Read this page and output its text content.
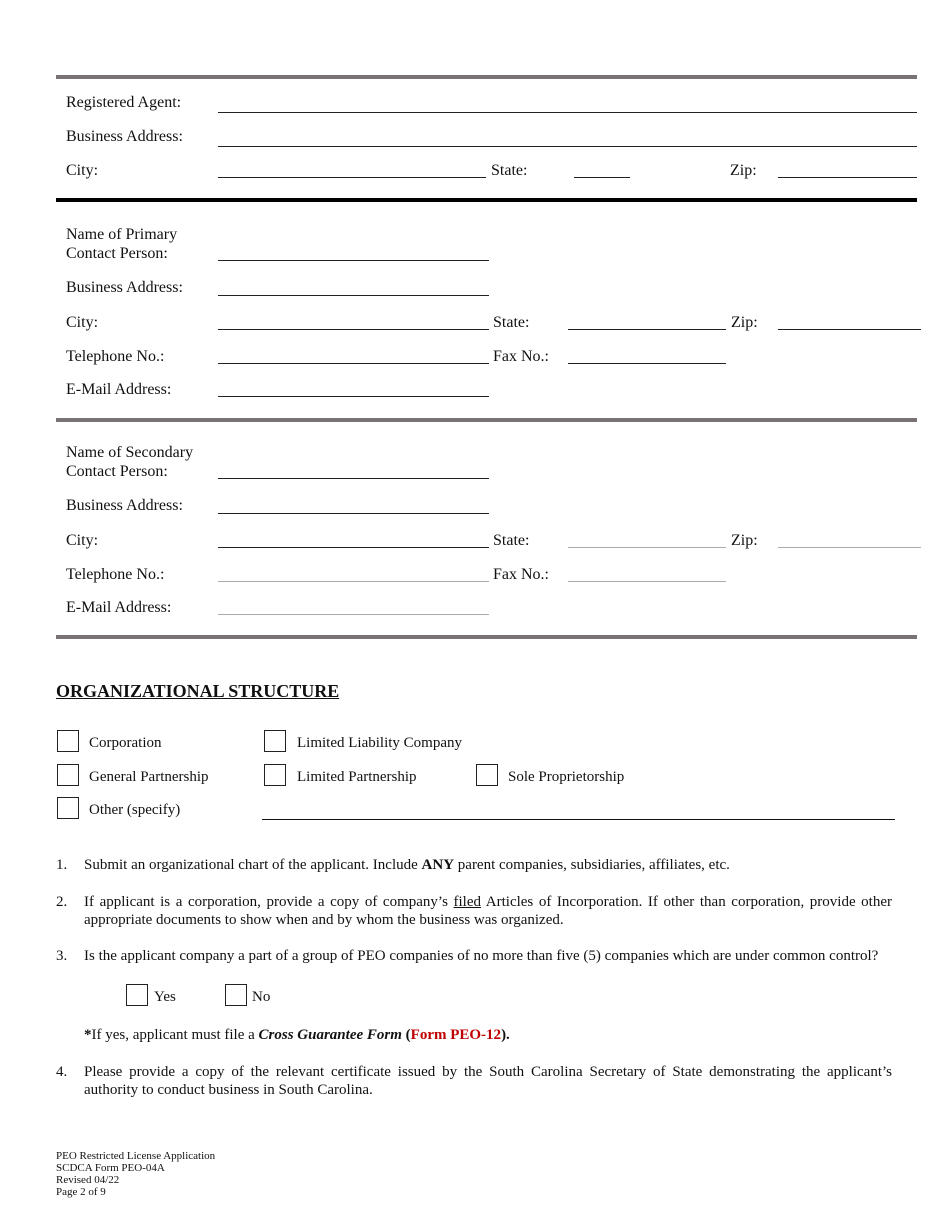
Registered Agent:
Business Address:
City:	State:	Zip:
Name of Primary
Contact Person:
Business Address:
City:	State:	Zip:
Telephone No.:	Fax No.:
E-Mail Address:
Name of Secondary
Contact Person:
Business Address:
City:	State:	Zip:
Telephone No.:	Fax No.:
E-Mail Address:
ORGANIZATIONAL STRUCTURE
Corporation	Limited Liability Company
General Partnership	Limited Partnership	Sole Proprietorship
Other (specify)
1. Submit an organizational chart of the applicant. Include ANY parent companies, subsidiaries, affiliates, etc.
2. If applicant is a corporation, provide a copy of company’s filed Articles of Incorporation. If other than corporation, provide other appropriate documents to show when and by whom the business was organized.
3. Is the applicant company a part of a group of PEO companies of no more than five (5) companies which are under common control?
Yes	No
*If yes, applicant must file a Cross Guarantee Form (Form PEO-12).
4. Please provide a copy of the relevant certificate issued by the South Carolina Secretary of State demonstrating the applicant’s authority to conduct business in South Carolina.
PEO Restricted License Application
SCDCA Form PEO-04A
Revised 04/22
Page 2 of 9
